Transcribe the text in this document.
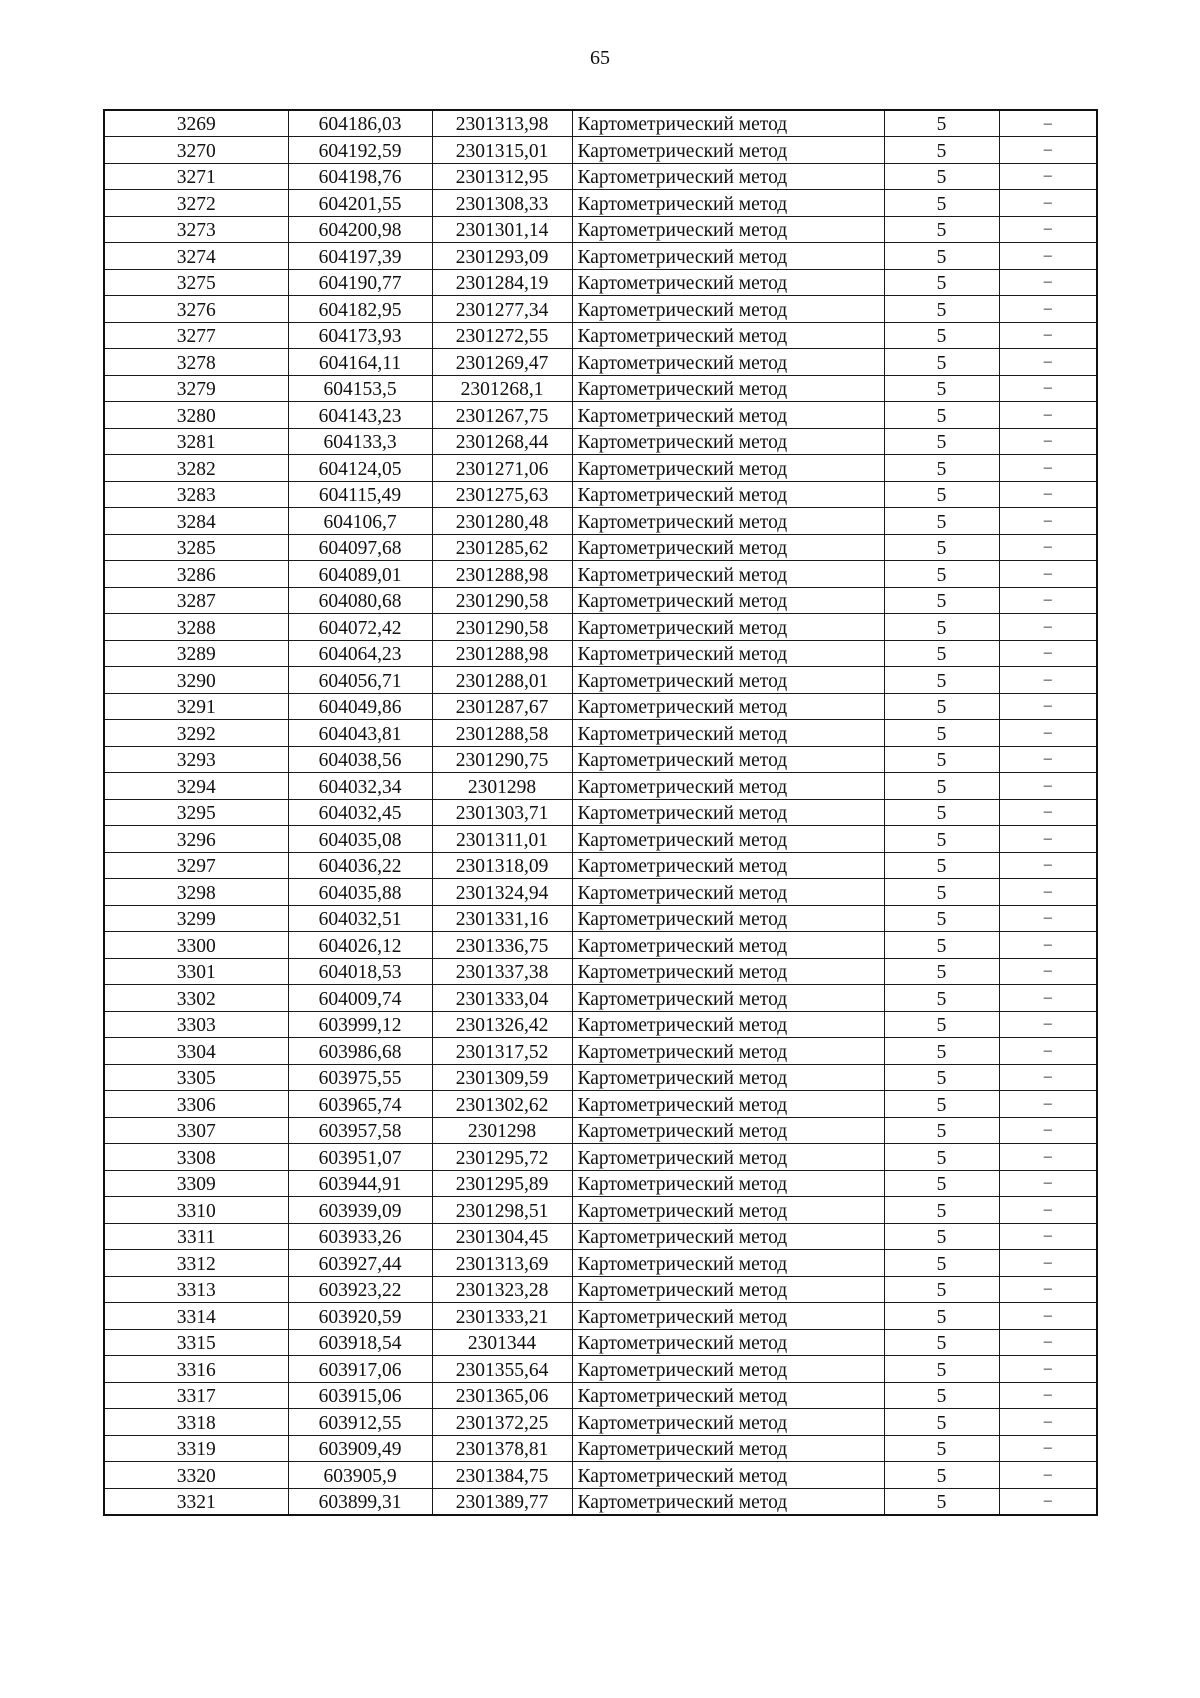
65
3269	604186,03	2301313,98	Картометрический метод	5	–
3270	604192,59	2301315,01	Картометрический метод	5	–
3271	604198,76	2301312,95	Картометрический метод	5	–
3272	604201,55	2301308,33	Картометрический метод	5	–
3273	604200,98	2301301,14	Картометрический метод	5	–
3274	604197,39	2301293,09	Картометрический метод	5	–
3275	604190,77	2301284,19	Картометрический метод	5	–
3276	604182,95	2301277,34	Картометрический метод	5	–
3277	604173,93	2301272,55	Картометрический метод	5	–
3278	604164,11	2301269,47	Картометрический метод	5	–
3279	604153,5	2301268,1	Картометрический метод	5	–
3280	604143,23	2301267,75	Картометрический метод	5	–
3281	604133,3	2301268,44	Картометрический метод	5	–
3282	604124,05	2301271,06	Картометрический метод	5	–
3283	604115,49	2301275,63	Картометрический метод	5	–
3284	604106,7	2301280,48	Картометрический метод	5	–
3285	604097,68	2301285,62	Картометрический метод	5	–
3286	604089,01	2301288,98	Картометрический метод	5	–
3287	604080,68	2301290,58	Картометрический метод	5	–
3288	604072,42	2301290,58	Картометрический метод	5	–
3289	604064,23	2301288,98	Картометрический метод	5	–
3290	604056,71	2301288,01	Картометрический метод	5	–
3291	604049,86	2301287,67	Картометрический метод	5	–
3292	604043,81	2301288,58	Картометрический метод	5	–
3293	604038,56	2301290,75	Картометрический метод	5	–
3294	604032,34	2301298	Картометрический метод	5	–
3295	604032,45	2301303,71	Картометрический метод	5	–
3296	604035,08	2301311,01	Картометрический метод	5	–
3297	604036,22	2301318,09	Картометрический метод	5	–
3298	604035,88	2301324,94	Картометрический метод	5	–
3299	604032,51	2301331,16	Картометрический метод	5	–
3300	604026,12	2301336,75	Картометрический метод	5	–
3301	604018,53	2301337,38	Картометрический метод	5	–
3302	604009,74	2301333,04	Картометрический метод	5	–
3303	603999,12	2301326,42	Картометрический метод	5	–
3304	603986,68	2301317,52	Картометрический метод	5	–
3305	603975,55	2301309,59	Картометрический метод	5	–
3306	603965,74	2301302,62	Картометрический метод	5	–
3307	603957,58	2301298	Картометрический метод	5	–
3308	603951,07	2301295,72	Картометрический метод	5	–
3309	603944,91	2301295,89	Картометрический метод	5	–
3310	603939,09	2301298,51	Картометрический метод	5	–
3311	603933,26	2301304,45	Картометрический метод	5	–
3312	603927,44	2301313,69	Картометрический метод	5	–
3313	603923,22	2301323,28	Картометрический метод	5	–
3314	603920,59	2301333,21	Картометрический метод	5	–
3315	603918,54	2301344	Картометрический метод	5	–
3316	603917,06	2301355,64	Картометрический метод	5	–
3317	603915,06	2301365,06	Картометрический метод	5	–
3318	603912,55	2301372,25	Картометрический метод	5	–
3319	603909,49	2301378,81	Картометрический метод	5	–
3320	603905,9	2301384,75	Картометрический метод	5	–
3321	603899,31	2301389,77	Картометрический метод	5	–
